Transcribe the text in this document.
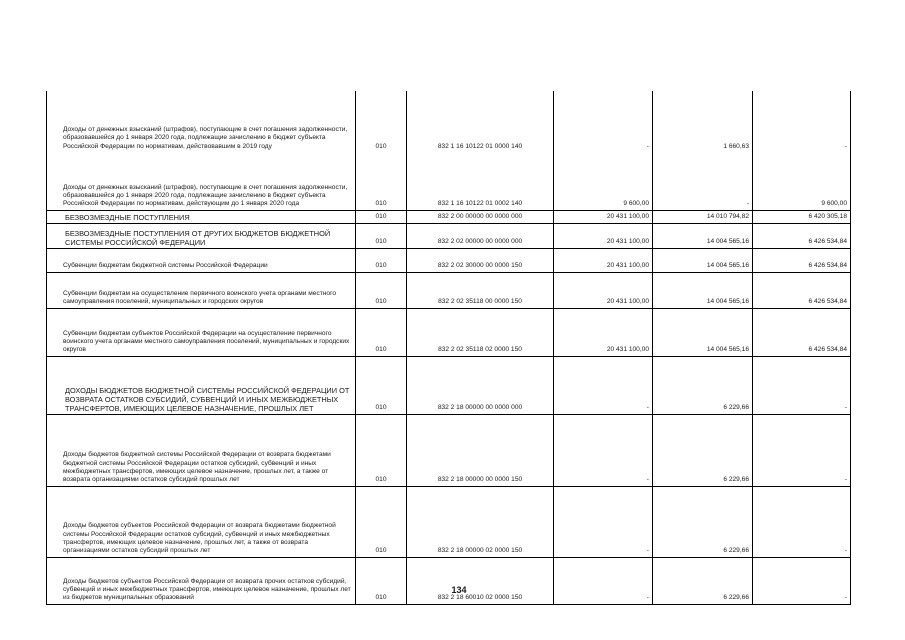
Доходы от денежных взысканий (штрафов), поступающие в счет погашения задолженности, образовавшейся до 1 января 2020 года, подлежащие зачислению в бюджет субъекта Российской Федерации по нормативам, действовавшим в 2019 году	010	832 1 16 10122 01 0000 140	-	1 660,63	-
Доходы от денежных взысканий (штрафов), поступающие в счет погашения задолженности, образовавшейся до 1 января 2020 года, подлежащие зачислению в бюджет субъекта Российской Федерации по нормативам, действующим до 1 января 2020 года	010	832 1 16 10122 01 0002 140	9 600,00	-	9 600,00
БЕЗВОЗМЕЗДНЫЕ ПОСТУПЛЕНИЯ	010	832 2 00 00000 00 0000 000	20 431 100,00	14 010 794,82	6 420 305,18
БЕЗВОЗМЕЗДНЫЕ ПОСТУПЛЕНИЯ ОТ ДРУГИХ БЮДЖЕТОВ БЮДЖЕТНОЙ СИСТЕМЫ РОССИЙСКОЙ ФЕДЕРАЦИИ	010	832 2 02 00000 00 0000 000	20 431 100,00	14 004 565,16	6 426 534,84
Субвенции бюджетам бюджетной системы Российской Федерации	010	832 2 02 30000 00 0000 150	20 431 100,00	14 004 565,16	6 426 534,84
Субвенции бюджетам на осуществление первичного воинского учета органами местного самоуправления поселений, муниципальных и городских округов	010	832 2 02 35118 00 0000 150	20 431 100,00	14 004 565,16	6 426 534,84
Субвенции бюджетам субъектов Российской Федерации на осуществление первичного воинского учета органами местного самоуправления поселений, муниципальных и городских округов	010	832 2 02 35118 02 0000 150	20 431 100,00	14 004 565,16	6 426 534,84
ДОХОДЫ БЮДЖЕТОВ БЮДЖЕТНОЙ СИСТЕМЫ РОССИЙСКОЙ ФЕДЕРАЦИИ ОТ ВОЗВРАТА ОСТАТКОВ СУБСИДИЙ, СУБВЕНЦИЙ И ИНЫХ МЕЖБЮДЖЕТНЫХ ТРАНСФЕРТОВ, ИМЕЮЩИХ ЦЕЛЕВОЕ НАЗНАЧЕНИЕ, ПРОШЛЫХ ЛЕТ	010	832 2 18 00000 00 0000 000	-	6 229,66	-
Доходы бюджетов бюджетной системы Российской Федерации от возврата бюджетами бюджетной системы Российской Федерации остатков субсидий, субвенций и иных межбюджетных трансфертов, имеющих целевое назначение, прошлых лет, а также от возврата организациями остатков субсидий прошлых лет	010	832 2 18 00000 00 0000 150	-	6 229,66	-
Доходы бюджетов субъектов Российской Федерации от возврата бюджетами бюджетной системы Российской Федерации остатков субсидий, субвенций и иных межбюджетных трансфертов, имеющих целевое назначение, прошлых лет, а также от возврата организациями остатков субсидий прошлых лет	010	832 2 18 00000 02 0000 150	-	6 229,66	-
Доходы бюджетов субъектов Российской Федерации от возврата прочих остатков субсидий, субвенций и иных межбюджетных трансфертов, имеющих целевое назначение, прошлых лет из бюджетов муниципальных образований	010	832 2 18 60010 02 0000 150	-	6 229,66	-
134
